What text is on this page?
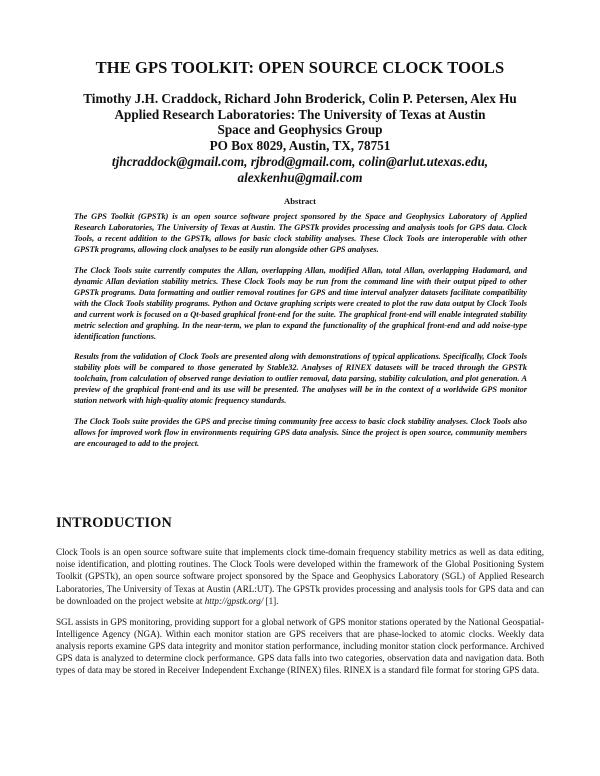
THE GPS TOOLKIT: OPEN SOURCE CLOCK TOOLS
Timothy J.H. Craddock, Richard John Broderick, Colin P. Petersen, Alex Hu
Applied Research Laboratories: The University of Texas at Austin
Space and Geophysics Group
PO Box 8029, Austin, TX, 78751
tjhcraddock@gmail.com, rjbrod@gmail.com, colin@arlut.utexas.edu,
alexkenhu@gmail.com
Abstract

The GPS Toolkit (GPSTk) is an open source software project sponsored by the Space and Geophysics Laboratory of Applied Research Laboratories, The University of Texas at Austin. The GPSTk provides processing and analysis tools for GPS data. Clock Tools, a recent addition to the GPSTk, allows for basic clock stability analyses. These Clock Tools are interoperable with other GPSTk programs, allowing clock analyses to be easily run alongside other GPS analyses.

The Clock Tools suite currently computes the Allan, overlapping Allan, modified Allan, total Allan, overlapping Hadamard, and dynamic Allan deviation stability metrics. These Clock Tools may be run from the command line with their output piped to other GPSTk programs. Data formatting and outlier removal routines for GPS and time interval analyzer datasets facilitate compatibility with the Clock Tools stability programs. Python and Octave graphing scripts were created to plot the raw data output by Clock Tools and current work is focused on a Qt-based graphical front-end for the suite. The graphical front-end will enable integrated stability metric selection and graphing. In the near-term, we plan to expand the functionality of the graphical front-end and add noise-type identification functions.

Results from the validation of Clock Tools are presented along with demonstrations of typical applications. Specifically, Clock Tools stability plots will be compared to those generated by Stable32. Analyses of RINEX datasets will be traced through the GPSTk toolchain, from calculation of observed range deviation to outlier removal, data parsing, stability calculation, and plot generation. A preview of the graphical front-end and its use will be presented. The analyses will be in the context of a worldwide GPS monitor station network with high-quality atomic frequency standards.

The Clock Tools suite provides the GPS and precise timing community free access to basic clock stability analyses. Clock Tools also allows for improved work flow in environments requiring GPS data analysis. Since the project is open source, community members are encouraged to add to the project.

INTRODUCTION

Clock Tools is an open source software suite that implements clock time-domain frequency stability metrics as well as data editing, noise identification, and plotting routines. The Clock Tools were developed within the framework of the Global Positioning System Toolkit (GPSTk), an open source software project sponsored by the Space and Geophysics Laboratory (SGL) of Applied Research Laboratories, The University of Texas at Austin (ARL:UT). The GPSTk provides processing and analysis tools for GPS data and can be downloaded on the project website at http://gpstk.org/ [1].

SGL assists in GPS monitoring, providing support for a global network of GPS monitor stations operated by the National Geospatial-Intelligence Agency (NGA). Within each monitor station are GPS receivers that are phase-locked to atomic clocks. Weekly data analysis reports examine GPS data integrity and monitor station performance, including monitor station clock performance. Archived GPS data is analyzed to determine clock performance. GPS data falls into two categories, observation data and navigation data. Both types of data may be stored in Receiver Independent Exchange (RINEX) files. RINEX is a standard file format for storing GPS data.
